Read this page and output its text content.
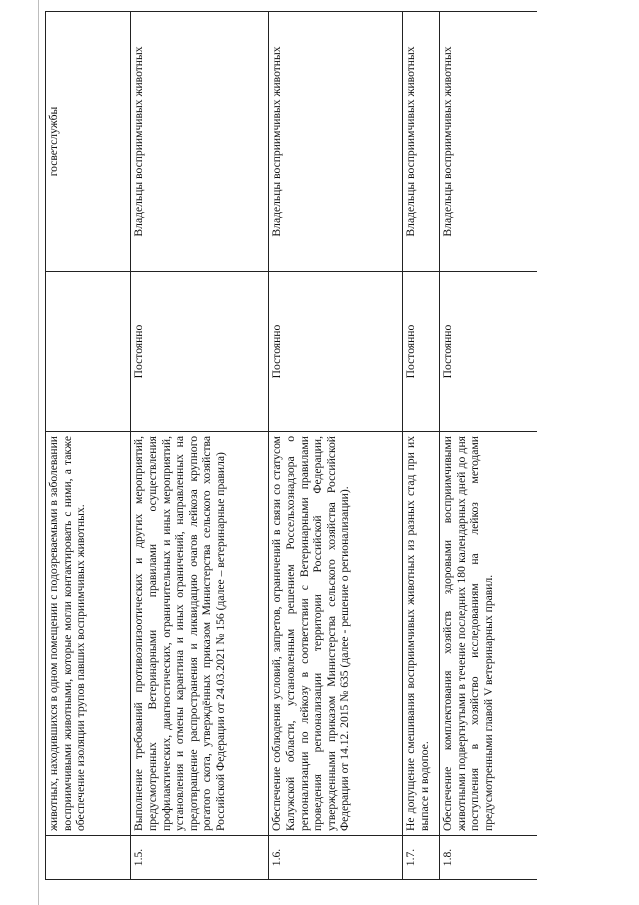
	животных, находившихся в одном помещении с подозреваемыми в заболевании восприимчивыми животными, которые могли контактировать с ними, а также обеспечение изоляции трупов павших восприимчивых животных.		госветслужбы
1.5.	Выполнение требований противоэпизоотических и других мероприятий, предусмотренных Ветеринарными правилами осуществления профилактических, диагностических, ограничительных и иных мероприятий, установления и отмены карантина и иных ограничений, направленных на предотвращение распространения и ликвидацию очагов лейкоза крупного рогатого скота, утверждённых приказом Министерства сельского хозяйства Российской Федерации от 24.03.2021 № 156 (далее – ветеринарные правила)	Постоянно	Владельцы восприимчивых животных
1.6.	Обеспечение соблюдения условий, запретов, ограничений в связи со статусом Калужской области, установленным решением Россельхознадзора о регионализации по лейкозу в соответствии с Ветеринарными правилами проведения регионализации территории Российской Федерации, утвержденными приказом Министерства сельского хозяйства Российской Федерации от 14.12. 2015 № 635 (далее - решение о регионализации).	Постоянно	Владельцы восприимчивых животных
1.7.	Не допущение смешивания восприимчивых животных из разных стад при их выпасе и водопое.	Постоянно	Владельцы восприимчивых животных
1.8.	Обеспечение комплектования хозяйств здоровыми восприимчивыми животными подвергнутыми в течение последних 180 календарных дней до дня поступления в хозяйство исследованиям на лейкоз методами предусмотренными главой V ветеринарных правил.	Постоянно	Владельцы восприимчивых животных
